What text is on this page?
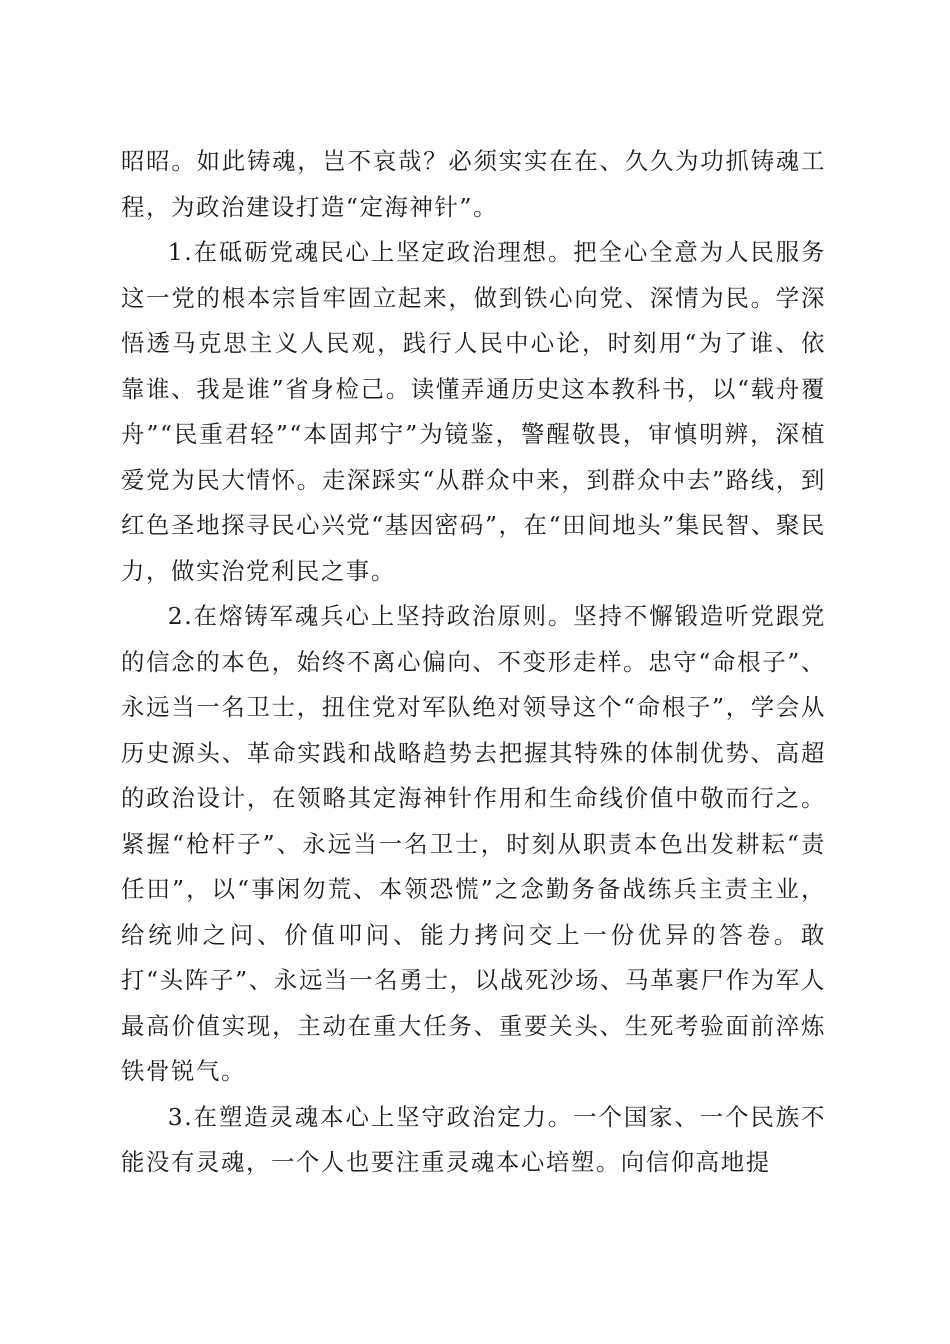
昭昭。如此铸魂，岂不哀哉？必须实实在在、久久为功抓铸魂工程，为政治建设打造“定海神针”。

1.在砥砺党魂民心上坚定政治理想。把全心全意为人民服务这一党的根本宗旨牢固立起来，做到铁心向党、深情为民。学深悟透马克思主义人民观，践行人民中心论，时刻用“为了谁、依靠谁、我是谁”省身检己。读懂弄通历史这本教科书，以“载舟覆舟”“民重君轻”“本固邦宁”为镜鉴，警醒敬畏，审慎明辨，深植爱党为民大情怀。走深踩实“从群众中来，到群众中去”路线，到红色圣地探寻民心兴党“基因密码”，在“田间地头”集民智、聚民力，做实治党利民之事。

2.在熔铸军魂兵心上坚持政治原则。坚持不懈锻造听党跟党的信念的本色，始终不离心偏向、不变形走样。忠守“命根子”、永远当一名卫士，扭住党对军队绝对领导这个“命根子”，学会从历史源头、革命实践和战略趋势去把握其特殊的体制优势、高超的政治设计，在领略其定海神针作用和生命线价值中敬而行之。紧握“枪杆子”、永远当一名卫士，时刻从职责本色出发耕耘“责任田”，以“事闲勿荒、本领恐慌”之念勤务备战练兵主责主业，给统帅之问、价值叩问、能力拷问交上一份优异的答卷。敢打“头阵子”、永远当一名勇士，以战死沙场、马革裹尸作为军人最高价值实现，主动在重大任务、重要关头、生死考验面前淬炼铁骨锐气。

3.在塑造灵魂本心上坚守政治定力。一个国家、一个民族不能没有灵魂，一个人也要注重灵魂本心培塑。向信仰高地提
